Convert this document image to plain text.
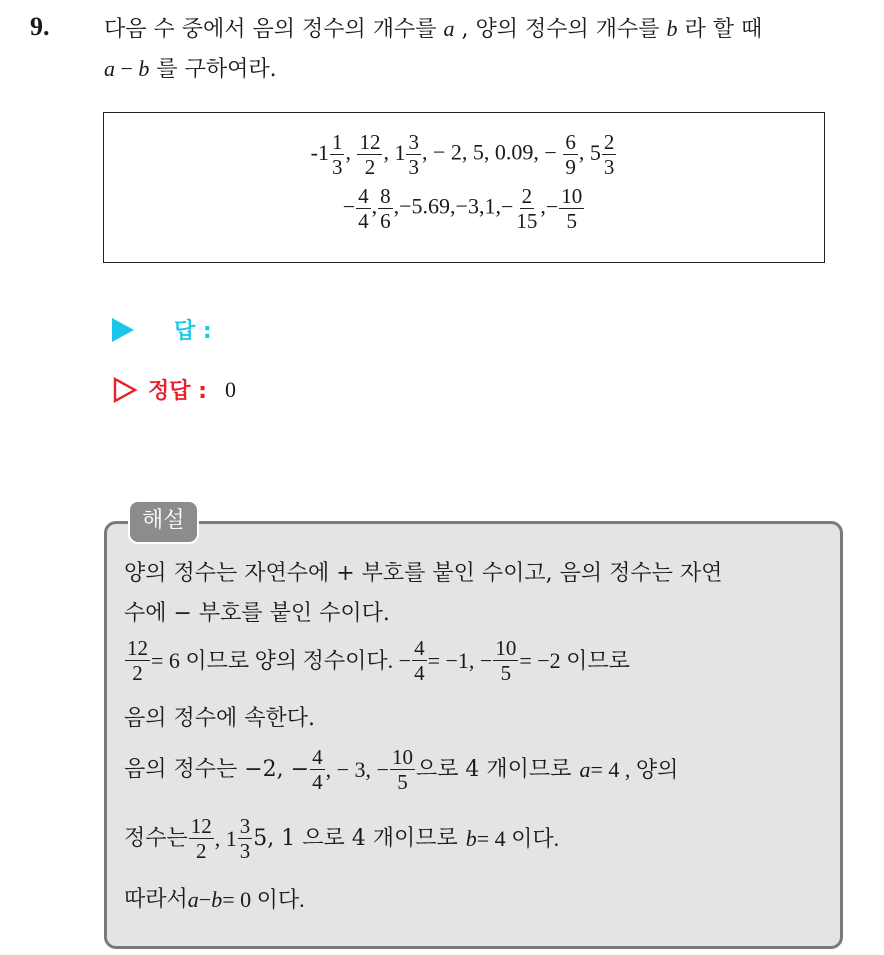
9. 다음 수 중에서 음의 정수의 개수를 a , 양의 정수의 개수를 b 라 할 때
a − b 를 구하여라.
$-1 \frac{1}{3}$ , $\frac{12}{2}$ , $1 \frac{3}{3}$ , − 2, 5, 0.09, − $\frac{6}{9}$ , $5 \frac{2}{3}$
− $\frac{4}{4}$ , $\frac{8}{6} ,-5.69,-3,1,- \frac{2}{15}$ ,− $\frac{10}{5}$
답 :
정답 : 0
해설
양의 정수는 자연수에 + 부호를 붙인 수이고, 음의 정수는 자연
수에 − 부호를 붙인 수이다.
$\frac{12}{2} = 6$ 이므로 양의 정수이다. − $\frac{4}{4} = -1$, − $\frac{10}{5} = -2$ 이므로
음의 정수에 속한다.
음의 정수는 −2, − $\frac{4}{4}$ , − 3, − $\frac{10}{5}$ 으로 4 개이므로 a = 4 , 양의
정수는 $\frac{12}{2}$ , $1 \frac{3}{3} 5$, 1 으로 4 개이므로 b = 4 이다.
따라서 a − b = 0 이다.
